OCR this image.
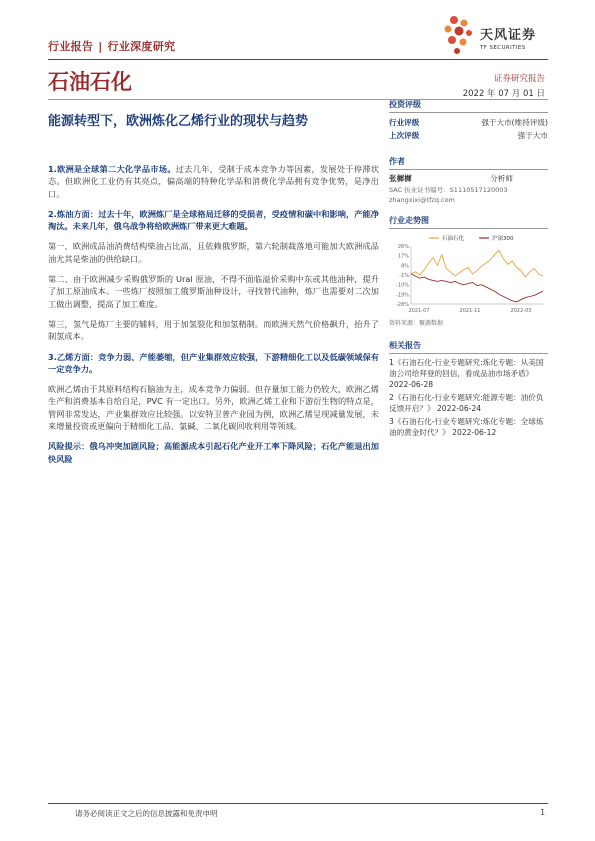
行业报告 | 行业深度研究
天风证券
TF SECURITIES
石油石化	证券研究报告
2022 年 07 月 01 日
能源转型下，欧洲炼化乙烯行业的现状与趋势

1.欧洲是全球第二大化学品市场。过去几年，受制于成本竞争力等因素，发展处于停滞状态。但欧洲化工业仍有其亮点，偏高端的特种化学品和消费化学品拥有竞争优势，是净出口。

2.炼油方面：过去十年，欧洲炼厂是全球格局迁移的受损者，受疫情和碳中和影响，产能净淘汰。未来几年，俄乌战争将给欧洲炼厂带来更大难题。

第一、欧洲成品油消费结构柴油占比高，且依赖俄罗斯，第六轮制裁落地可能加大欧洲成品油尤其是柴油的供给缺口。

第二、由于欧洲减少采购俄罗斯的 Ural 原油，不得不面临溢价采购中东或其他油种，提升了加工原油成本。一些炼厂按照加工俄罗斯油种设计，寻找替代油种，炼厂也需要对二次加工做出调整，提高了加工难度。

第三，氢气是炼厂主要的辅料，用于加氢裂化和加氢精制。而欧洲天然气价格飙升，抬升了制氢成本。

3.乙烯方面：竞争力弱、产能萎缩，但产业集群效应较强，下游精细化工以及低碳领域保有一定竞争力。

欧洲乙烯由于其原料结构石脑油为主，成本竞争力偏弱。但存量加工能力仍较大，欧洲乙烯生产和消费基本自给自足，PVC 有一定出口。另外，欧洲乙烯工业和下游衍生物的特点是，管网非常发达，产业集群效应比较强。以安特卫普产业园为例，欧洲乙烯呈现减量发展，未来增量投资或更偏向于精细化工品、氯碱、二氧化碳回收利用等领域。

风险提示：俄乌冲突加剧风险；高能源成本引起石化产业开工率下降风险；石化产能退出加快风险

投资评级
行业评级	强于大市(维持评级)
上次评级	强于大市
作者
张樨樨	分析师
SAC 执业证书编号：S1110517120003
zhangxixi@tfzq.com
行业走势图
26%
17%
8%
-1%
-10%
-19%
-28%
2021-07	2021-11	2022-03
石油石化	沪深300
资料来源：聚源数据
相关报告
1《石油石化-行业专题研究:炼化专题：从美国油公司给拜登的回信，看成品油市场矛盾》 2022-06-28
2《石油石化-行业专题研究:能源专题：油价负反馈开启？》 2022-06-24
3《石油石化-行业专题研究:炼化专题：全球炼油的黄金时代？》 2022-06-12
请务必阅读正文之后的信息披露和免责申明	1
